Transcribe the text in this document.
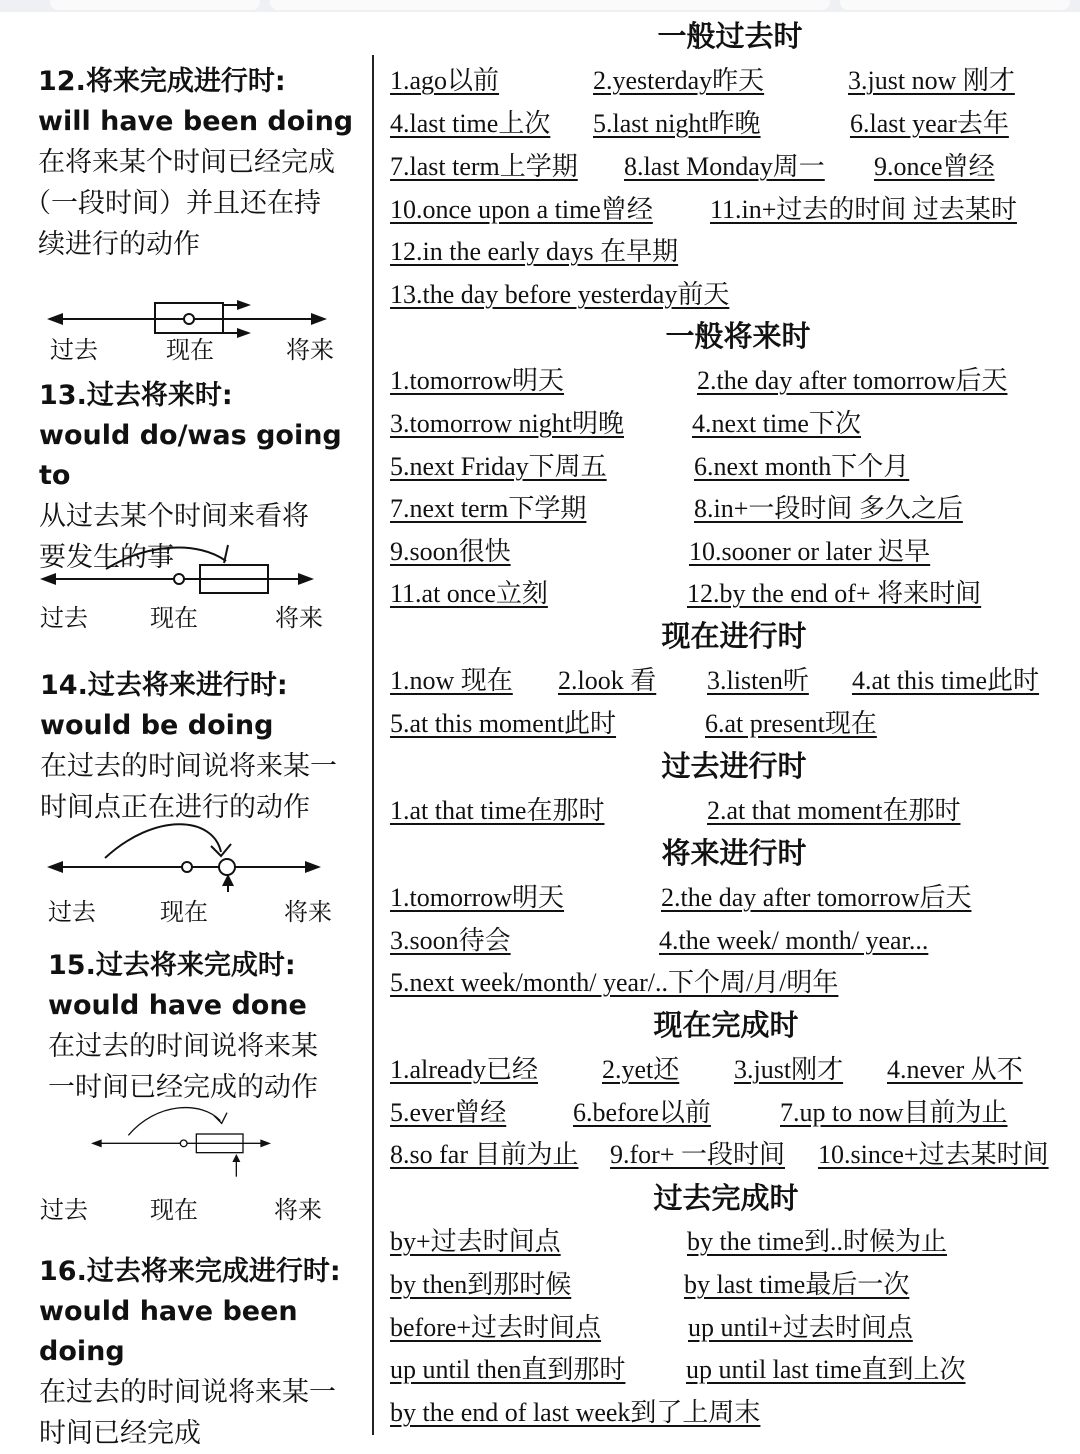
12.将来完成进行时:
will have been doing
在将来某个时间已经完成
（一段时间）并且还在持
续进行的动作
过去	现在	将来
13.过去将来时:
would do/was going to
从过去某个时间来看将
要发生的事
过去	现在	将来
14.过去将来进行时:
would be doing
在过去的时间说将来某一
时间点正在进行的动作
过去	现在	将来
15.过去将来完成时:
would have done
在过去的时间说将来某
一时间已经完成的动作
过去	现在	将来
16.过去将来完成进行时:
would have been doing
在过去的时间说将来某一
时间已经完成
一般过去时
1.ago以前	2.yesterday昨天	3.just now 刚才
4.last time上次 5.last night昨晚	6.last year去年
7.last term上学期 8.last Monday周一 9.once曾经
10.once upon a time曾经 11.in+过去的时间 过去某时
12.in the early days 在早期
13.the day before yesterday前天
一般将来时
1.tomorrow明天	2.the day after tomorrow后天
3.tomorrow night明晚	4.next time下次
5.next Friday下周五	6.next month下个月
7.next term下学期	8.in+一段时间 多久之后
9.soon很快	10.sooner or later 迟早
11.at once立刻	12.by the end of+ 将来时间
现在进行时
1.now 现在 2.look 看 3.listen听 4.at this time此时
5.at this moment此时	6.at present现在
过去进行时
1.at that time在那时	2.at that moment在那时
将来进行时
1.tomorrow明天	2.the day after tomorrow后天
3.soon待会	4.the week/ month/ year...
5.next week/month/ year/..下个周/月/明年
现在完成时
1.already已经 2.yet还 3.just刚才 4.never 从不
5.ever曾经	6.before以前	7.up to now目前为止
8.so far 目前为止 9.for+ 一段时间 10.since+过去某时间
过去完成时
by+过去时间点	by the time到..时候为止
by then到那时候	by last time最后一次
before+过去时间点	up until+过去时间点
up until then直到那时 up until last time直到上次
by the end of last week到了上周末
